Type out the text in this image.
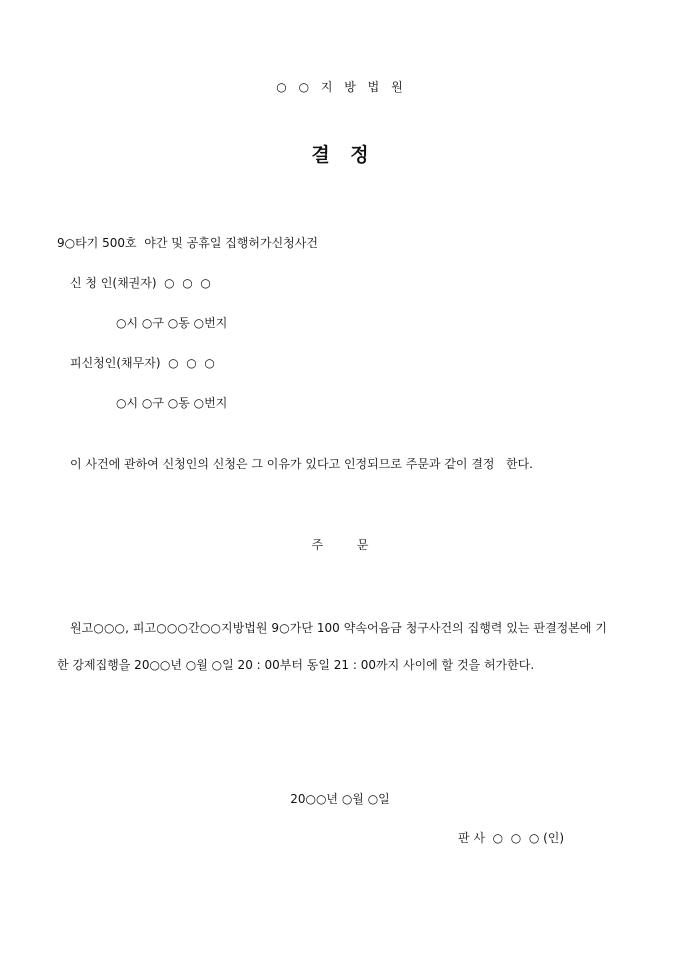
○ ○ 지 방 법 원
결 정
9○타기 500호  야간 및 공휴일 집행허가신청사건
신 청 인(채권자)  ○  ○  ○
○시 ○구 ○동 ○번지
피신청인(채무자)  ○  ○  ○
○시 ○구 ○동 ○번지
이 사건에 관하여 신청인의 신청은 그 이유가 있다고 인정되므로 주문과 같이 결정   한다.
주 문
원고○○○, 피고○○○간○○지방법원 9○가단 100 약속어음금 청구사건의 집행력 있는 판결정본에 기한 강제집행을 20○○년 ○월 ○일 20 : 00부터 동일 21 : 00까지 사이에 할 것을 허가한다.
20○○년 ○월 ○일
판 사  ○  ○  ○ (인)
